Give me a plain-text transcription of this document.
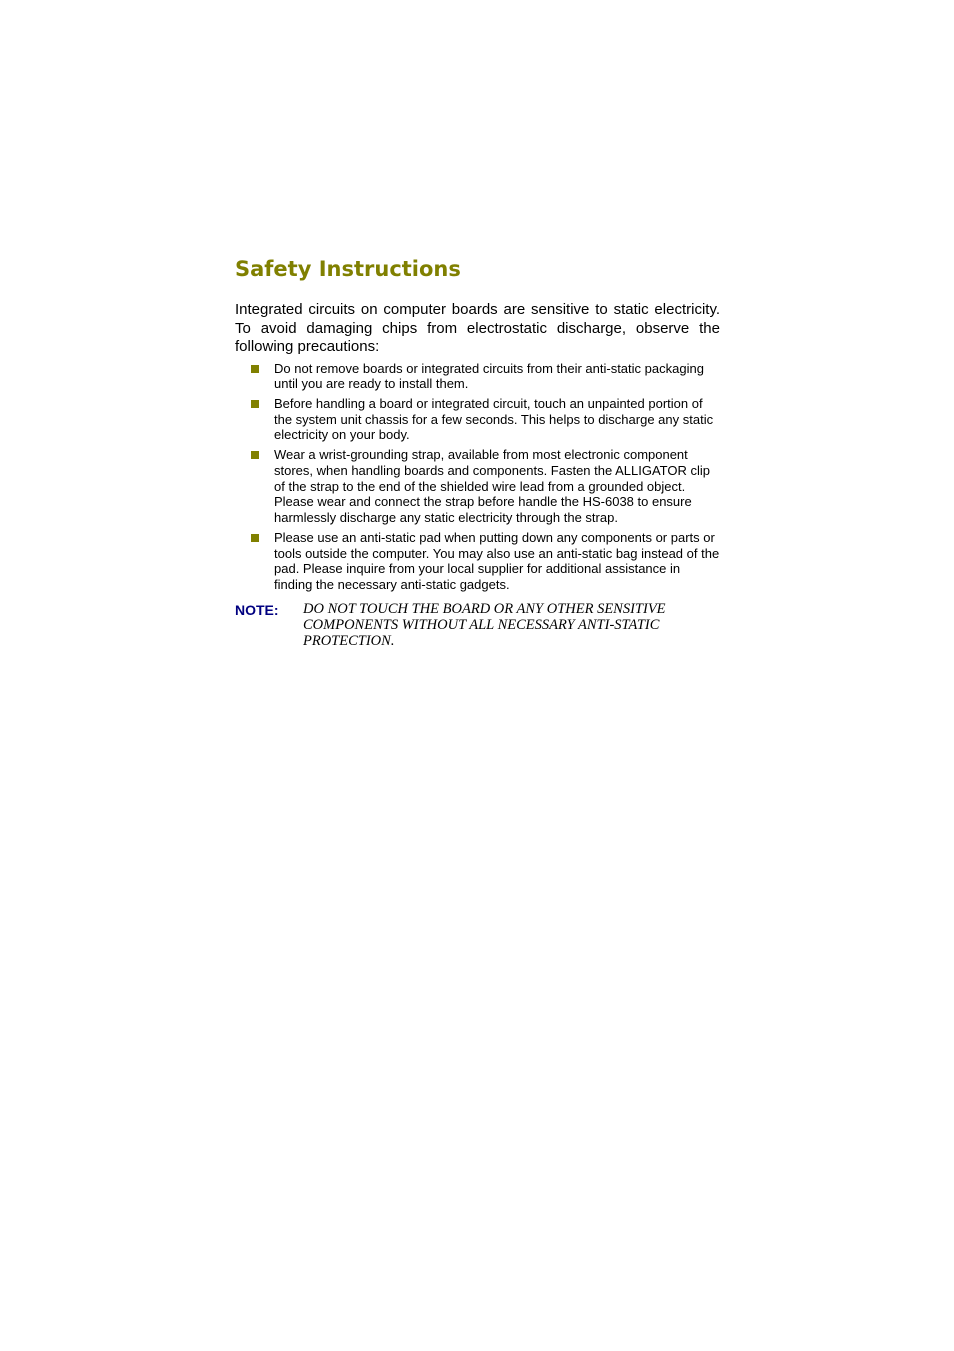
Safety Instructions

Integrated circuits on computer boards are sensitive to static electricity. To avoid damaging chips from electrostatic discharge, observe the following precautions:

Do not remove boards or integrated circuits from their anti-static packaging until you are ready to install them.
Before handling a board or integrated circuit, touch an unpainted portion of the system unit chassis for a few seconds. This helps to discharge any static electricity on your body.
Wear a wrist-grounding strap, available from most electronic component stores, when handling boards and components. Fasten the ALLIGATOR clip of the strap to the end of the shielded wire lead from a grounded object. Please wear and connect the strap before handle the HS-6038 to ensure harmlessly discharge any static electricity through the strap.
Please use an anti-static pad when putting down any components or parts or tools outside the computer. You may also use an anti-static bag instead of the pad. Please inquire from your local supplier for additional assistance in finding the necessary anti-static gadgets.
NOTE: DO NOT TOUCH THE BOARD OR ANY OTHER SENSITIVE COMPONENTS WITHOUT ALL NECESSARY ANTI-STATIC PROTECTION.
